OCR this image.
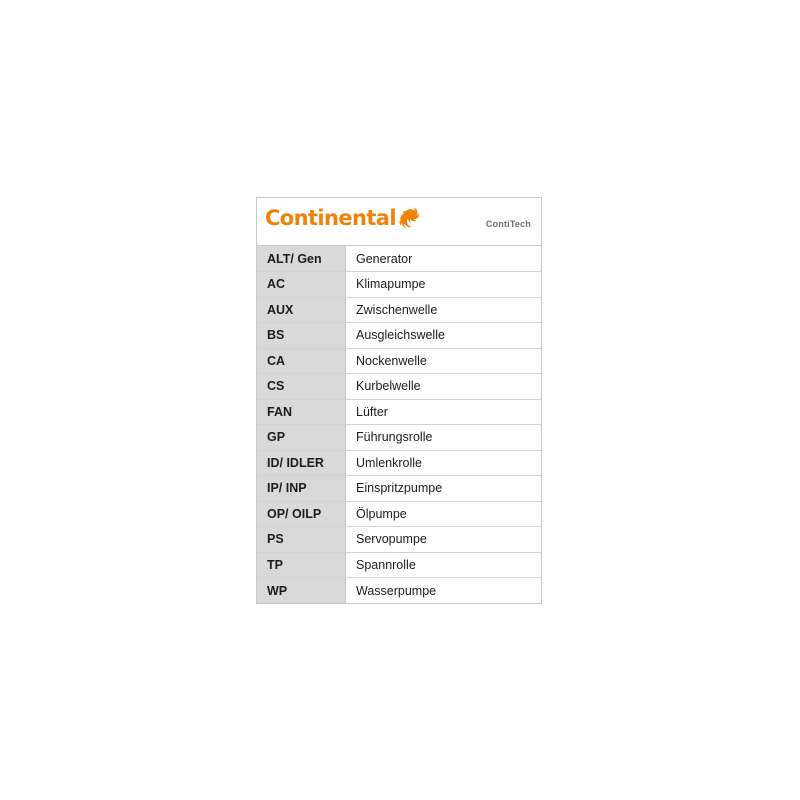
Continental	ContiTech
ALT/ Gen	Generator
AC	Klimapumpe
AUX	Zwischenwelle
BS	Ausgleichswelle
CA	Nockenwelle
CS	Kurbelwelle
FAN	Lüfter
GP	Führungsrolle
ID/ IDLER	Umlenkrolle
IP/ INP	Einspritzpumpe
OP/ OILP	Ölpumpe
PS	Servopumpe
TP	Spannrolle
WP	Wasserpumpe
